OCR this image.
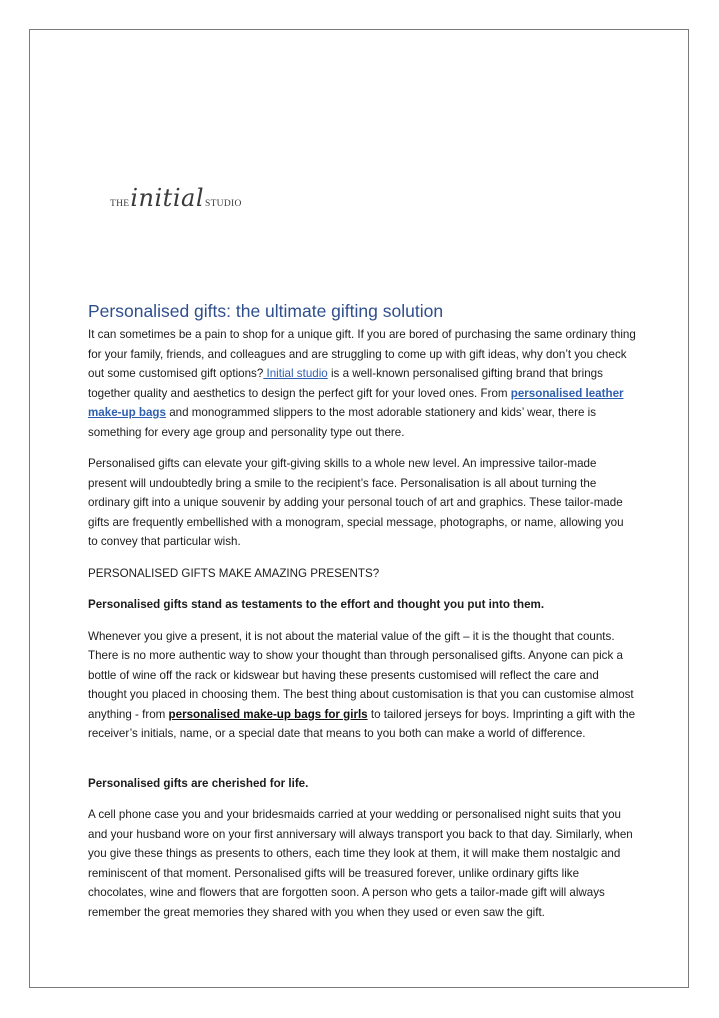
THE initial STUDIO
Personalised gifts: the ultimate gifting solution

It can sometimes be a pain to shop for a unique gift. If you are bored of purchasing the same ordinary thing for your family, friends, and colleagues and are struggling to come up with gift ideas, why don’t you check out some customised gift options? Initial studio is a well-known personalised gifting brand that brings together quality and aesthetics to design the perfect gift for your loved ones. From personalised leather make-up bags and monogrammed slippers to the most adorable stationery and kids’ wear, there is something for every age group and personality type out there.

Personalised gifts can elevate your gift-giving skills to a whole new level. An impressive tailor-made present will undoubtedly bring a smile to the recipient’s face. Personalisation is all about turning the ordinary gift into a unique souvenir by adding your personal touch of art and graphics. These tailor-made gifts are frequently embellished with a monogram, special message, photographs, or name, allowing you to convey that particular wish.

PERSONALISED GIFTS MAKE AMAZING PRESENTS?

Personalised gifts stand as testaments to the effort and thought you put into them.

Whenever you give a present, it is not about the material value of the gift – it is the thought that counts. There is no more authentic way to show your thought than through personalised gifts. Anyone can pick a bottle of wine off the rack or kidswear but having these presents customised will reflect the care and thought you placed in choosing them. The best thing about customisation is that you can customise almost anything - from personalised make-up bags for girls to tailored jerseys for boys. Imprinting a gift with the receiver’s initials, name, or a special date that means to you both can make a world of difference.

Personalised gifts are cherished for life.

A cell phone case you and your bridesmaids carried at your wedding or personalised night suits that you and your husband wore on your first anniversary will always transport you back to that day. Similarly, when you give these things as presents to others, each time they look at them, it will make them nostalgic and reminiscent of that moment. Personalised gifts will be treasured forever, unlike ordinary gifts like chocolates, wine and flowers that are forgotten soon. A person who gets a tailor-made gift will always remember the great memories they shared with you when they used or even saw the gift.
